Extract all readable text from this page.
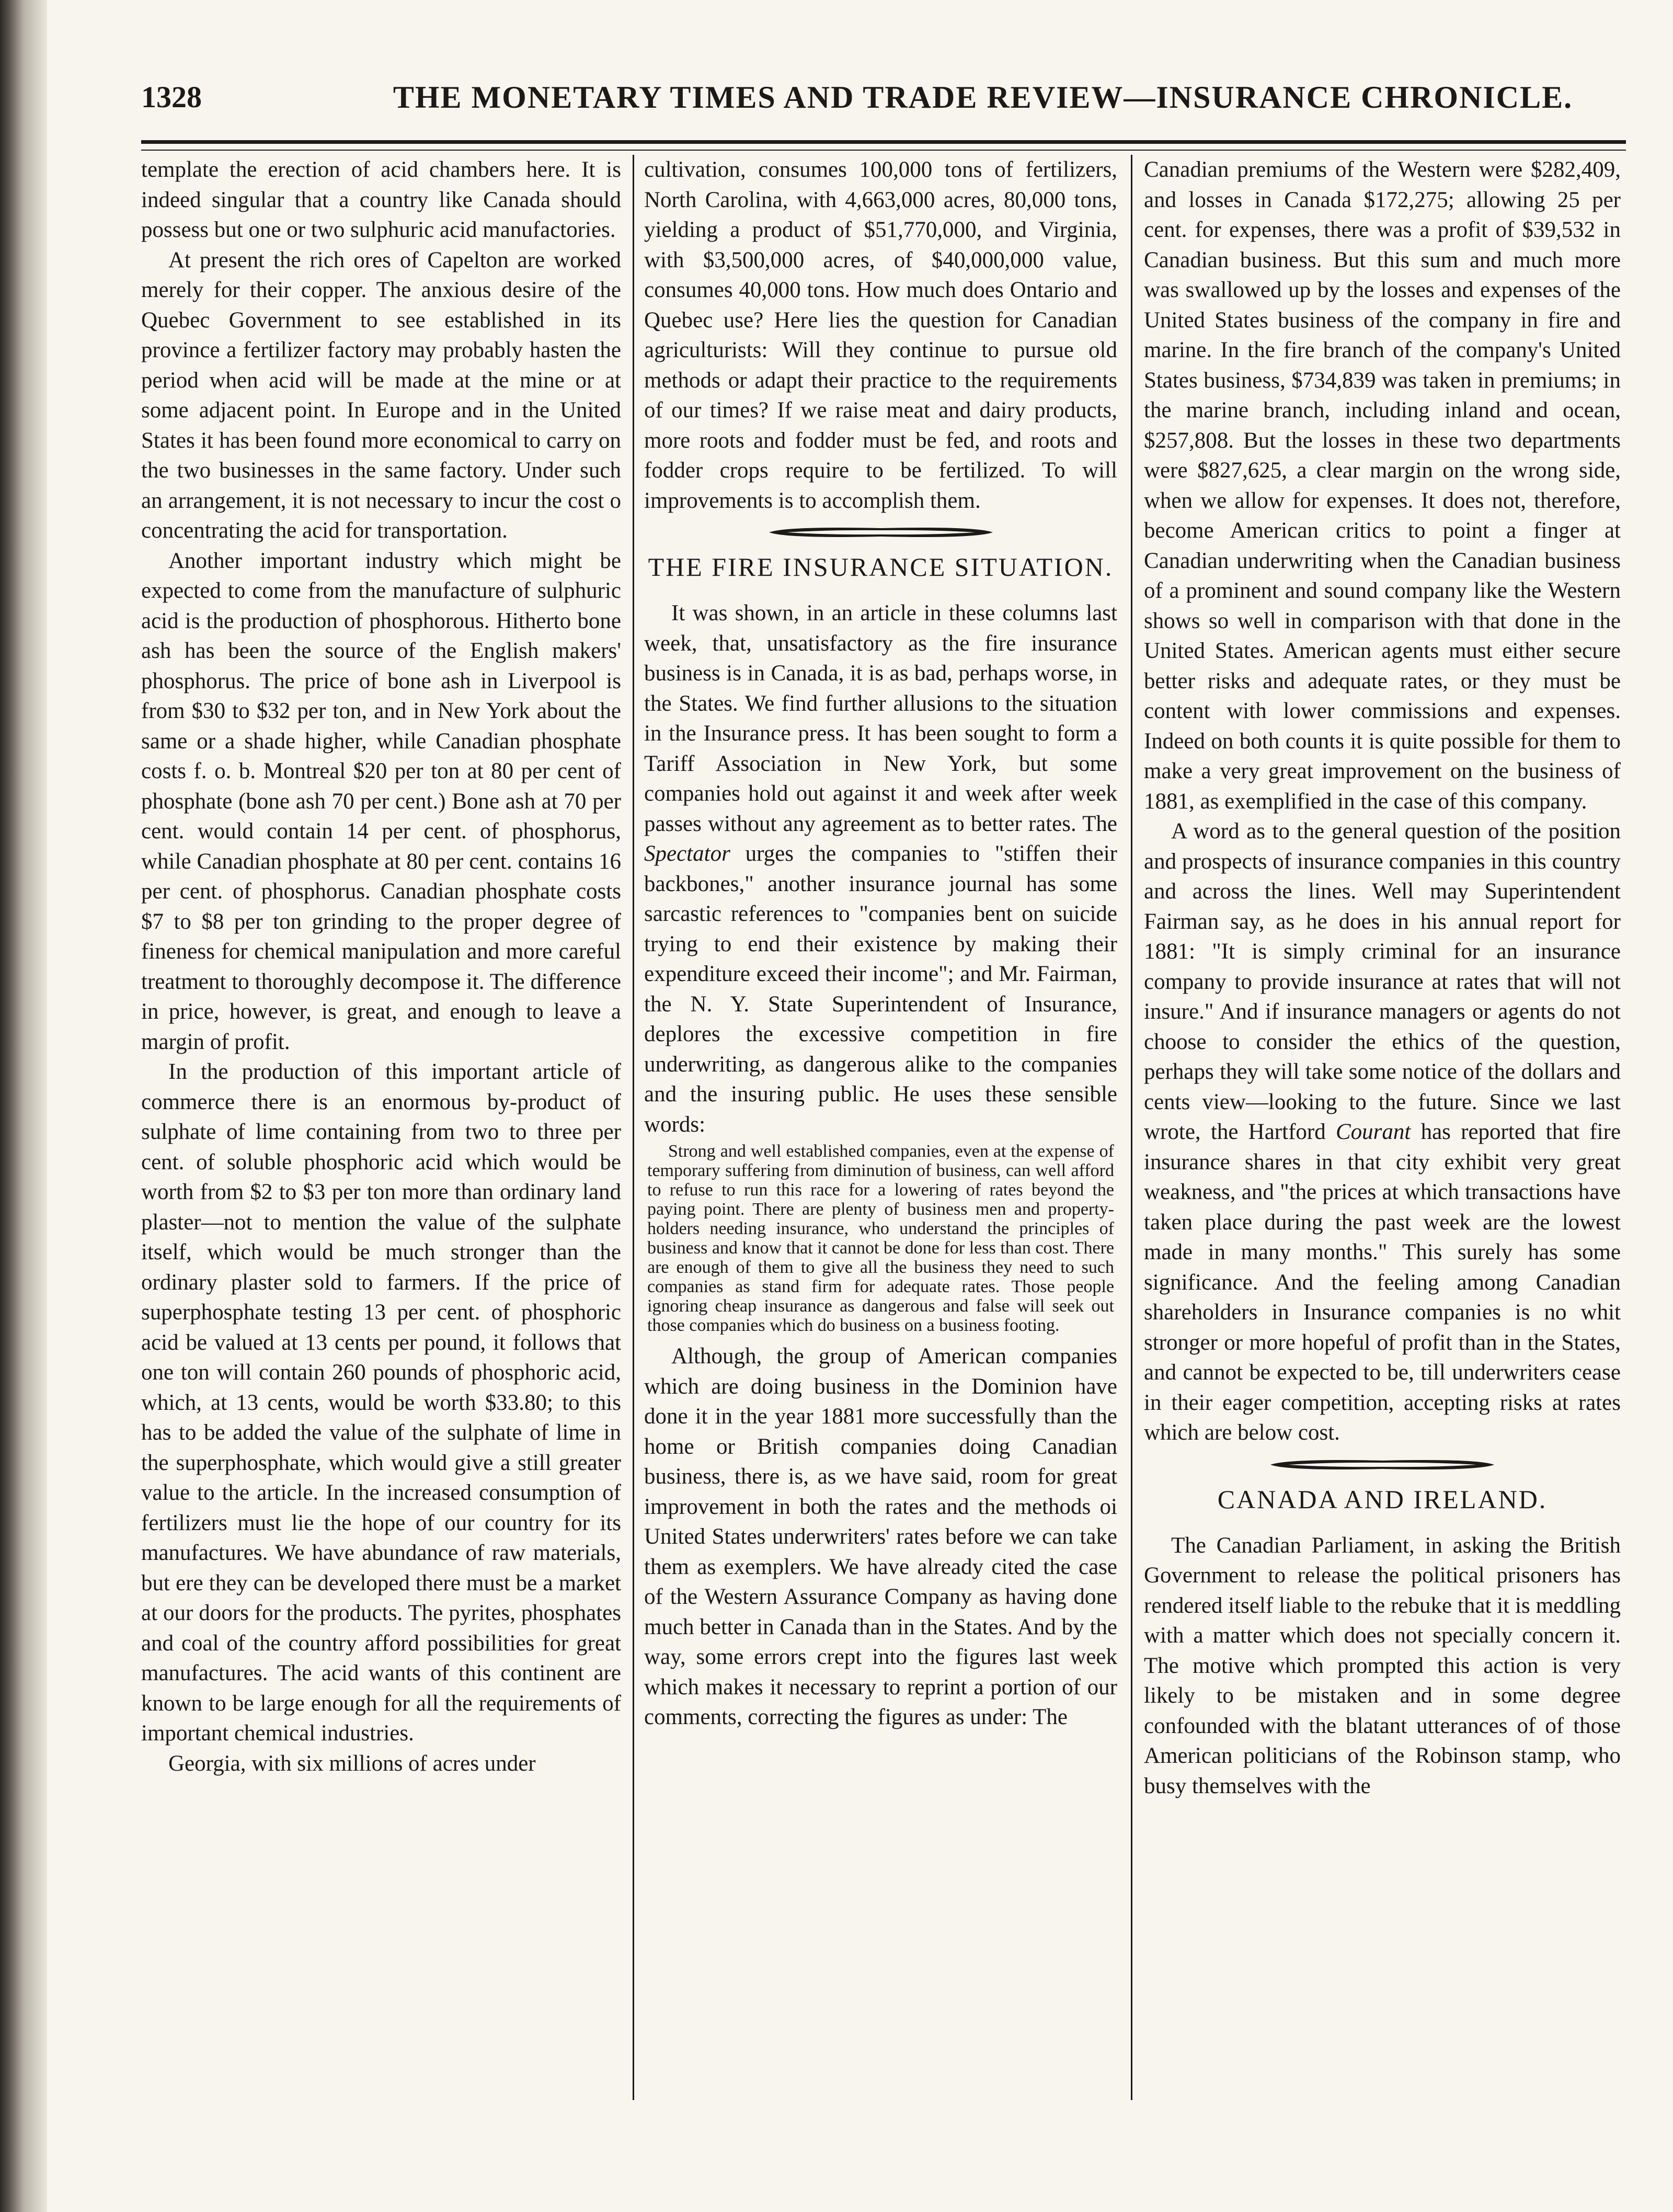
1328	THE MONETARY TIMES AND TRADE REVIEW—INSURANCE CHRONICLE.

template the erection of acid chambers here. It is indeed singular that a country like Canada should possess but one or two sulphuric acid manufactories.

At present the rich ores of Capelton are worked merely for their copper. The anxious desire of the Quebec Government to see established in its province a fertilizer factory may probably hasten the period when acid will be made at the mine or at some adjacent point. In Europe and in the United States it has been found more economical to carry on the two businesses in the same factory. Under such an arrangement, it is not necessary to incur the cost o concentrating the acid for transportation.

Another important industry which might be expected to come from the manufacture of sulphuric acid is the production of phosphorous. Hitherto bone ash has been the source of the English makers' phosphorus. The price of bone ash in Liverpool is from $30 to $32 per ton, and in New York about the same or a shade higher, while Canadian phosphate costs f. o. b. Montreal $20 per ton at 80 per cent of phosphate (bone ash 70 per cent.) Bone ash at 70 per cent. would contain 14 per cent. of phosphorus, while Canadian phosphate at 80 per cent. contains 16 per cent. of phosphorus. Canadian phosphate costs $7 to $8 per ton grinding to the proper degree of fineness for chemical manipulation and more careful treatment to thoroughly decompose it. The difference in price, however, is great, and enough to leave a margin of profit.

In the production of this important article of commerce there is an enormous by-product of sulphate of lime containing from two to three per cent. of soluble phosphoric acid which would be worth from $2 to $3 per ton more than ordinary land plaster—not to mention the value of the sulphate itself, which would be much stronger than the ordinary plaster sold to farmers. If the price of superphosphate testing 13 per cent. of phosphoric acid be valued at 13 cents per pound, it follows that one ton will contain 260 pounds of phosphoric acid, which, at 13 cents, would be worth $33.80; to this has to be added the value of the sulphate of lime in the superphosphate, which would give a still greater value to the article. In the increased consumption of fertilizers must lie the hope of our country for its manufactures. We have abundance of raw materials, but ere they can be developed there must be a market at our doors for the products. The pyrites, phosphates and coal of the country afford possibilities for great manufactures. The acid wants of this continent are known to be large enough for all the requirements of important chemical industries.

Georgia, with six millions of acres under

cultivation, consumes 100,000 tons of fertilizers, North Carolina, with 4,663,000 acres, 80,000 tons, yielding a product of $51,770,000, and Virginia, with $3,500,000 acres, of $40,000,000 value, consumes 40,000 tons. How much does Ontario and Quebec use? Here lies the question for Canadian agriculturists: Will they continue to pursue old methods or adapt their practice to the requirements of our times? If we raise meat and dairy products, more roots and fodder must be fed, and roots and fodder crops require to be fertilized. To will improvements is to accomplish them.

THE FIRE INSURANCE SITUATION.

It was shown, in an article in these columns last week, that, unsatisfactory as the fire insurance business is in Canada, it is as bad, perhaps worse, in the States. We find further allusions to the situation in the Insurance press. It has been sought to form a Tariff Association in New York, but some companies hold out against it and week after week passes without any agreement as to better rates. The Spectator urges the companies to "stiffen their backbones," another insurance journal has some sarcastic references to "companies bent on suicide trying to end their existence by making their expenditure exceed their income"; and Mr. Fairman, the N. Y. State Superintendent of Insurance, deplores the excessive competition in fire underwriting, as dangerous alike to the companies and the insuring public. He uses these sensible words:

Strong and well established companies, even at the expense of temporary suffering from diminution of business, can well afford to refuse to run this race for a lowering of rates beyond the paying point. There are plenty of business men and property-holders needing insurance, who understand the principles of business and know that it cannot be done for less than cost. There are enough of them to give all the business they need to such companies as stand firm for adequate rates. Those people ignoring cheap insurance as dangerous and false will seek out those companies which do business on a business footing.

Although, the group of American companies which are doing business in the Dominion have done it in the year 1881 more successfully than the home or British companies doing Canadian business, there is, as we have said, room for great improvement in both the rates and the methods oi United States underwriters' rates before we can take them as exemplers. We have already cited the case of the Western Assurance Company as having done much better in Canada than in the States. And by the way, some errors crept into the figures last week which makes it necessary to reprint a portion of our comments, correcting the figures as under: The

Canadian premiums of the Western were $282,409, and losses in Canada $172,275; allowing 25 per cent. for expenses, there was a profit of $39,532 in Canadian business. But this sum and much more was swallowed up by the losses and expenses of the United States business of the company in fire and marine. In the fire branch of the company's United States business, $734,839 was taken in premiums; in the marine branch, including inland and ocean, $257,808. But the losses in these two departments were $827,625, a clear margin on the wrong side, when we allow for expenses. It does not, therefore, become American critics to point a finger at Canadian underwriting when the Canadian business of a prominent and sound company like the Western shows so well in comparison with that done in the United States. American agents must either secure better risks and adequate rates, or they must be content with lower commissions and expenses. Indeed on both counts it is quite possible for them to make a very great improvement on the business of 1881, as exemplified in the case of this company.

A word as to the general question of the position and prospects of insurance companies in this country and across the lines. Well may Superintendent Fairman say, as he does in his annual report for 1881: "It is simply criminal for an insurance company to provide insurance at rates that will not insure." And if insurance managers or agents do not choose to consider the ethics of the question, perhaps they will take some notice of the dollars and cents view—looking to the future. Since we last wrote, the Hartford Courant has reported that fire insurance shares in that city exhibit very great weakness, and "the prices at which transactions have taken place during the past week are the lowest made in many months." This surely has some significance. And the feeling among Canadian shareholders in Insurance companies is no whit stronger or more hopeful of profit than in the States, and cannot be expected to be, till underwriters cease in their eager competition, accepting risks at rates which are below cost.

CANADA AND IRELAND.

The Canadian Parliament, in asking the British Government to release the political prisoners has rendered itself liable to the rebuke that it is meddling with a matter which does not specially concern it. The motive which prompted this action is very likely to be mistaken and in some degree confounded with the blatant utterances of of those American politicians of the Robinson stamp, who busy themselves with the
